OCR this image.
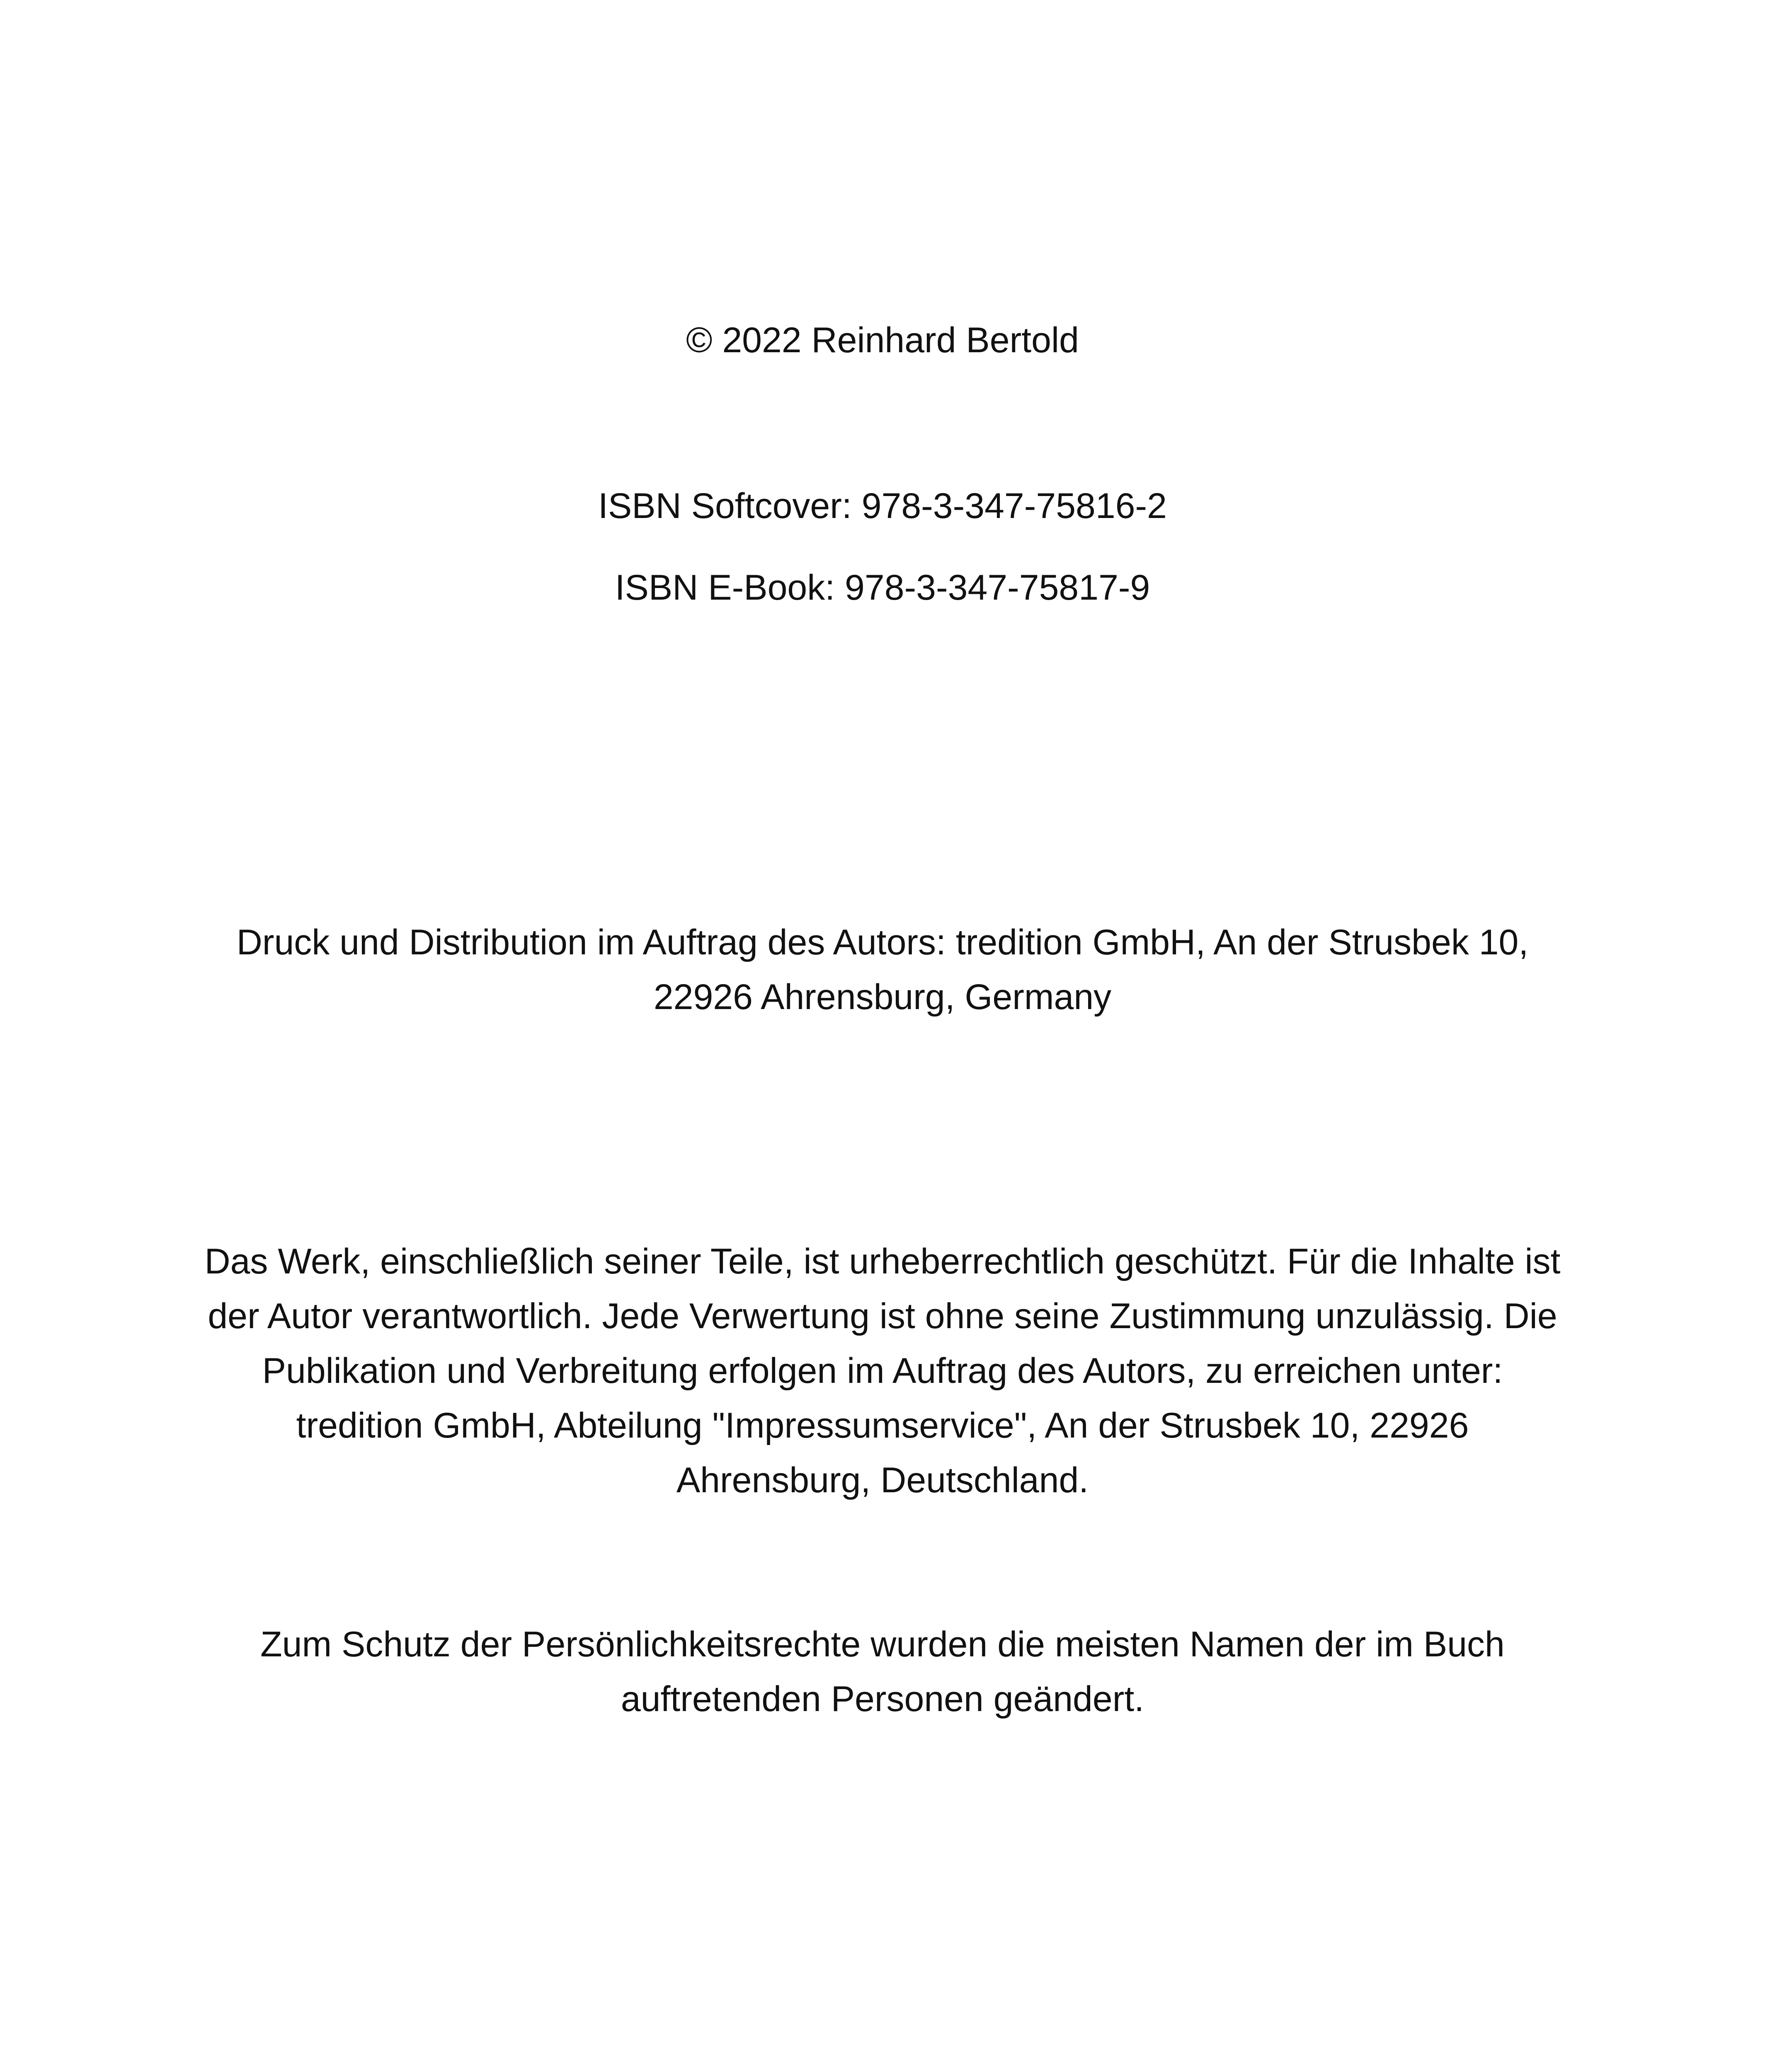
© 2022 Reinhard Bertold
ISBN Softcover: 978-3-347-75816-2
ISBN E-Book: 978-3-347-75817-9
Druck und Distribution im Auftrag des Autors: tredition GmbH, An der Strusbek 10,
22926 Ahrensburg, Germany
Das Werk, einschließlich seiner Teile, ist urheberrechtlich geschützt. Für die Inhalte ist
der Autor verantwortlich. Jede Verwertung ist ohne seine Zustimmung unzulässig. Die
Publikation und Verbreitung erfolgen im Auftrag des Autors, zu erreichen unter:
tredition GmbH, Abteilung "Impressumservice", An der Strusbek 10, 22926
Ahrensburg, Deutschland.
Zum Schutz der Persönlichkeitsrechte wurden die meisten Namen der im Buch
auftretenden Personen geändert.
